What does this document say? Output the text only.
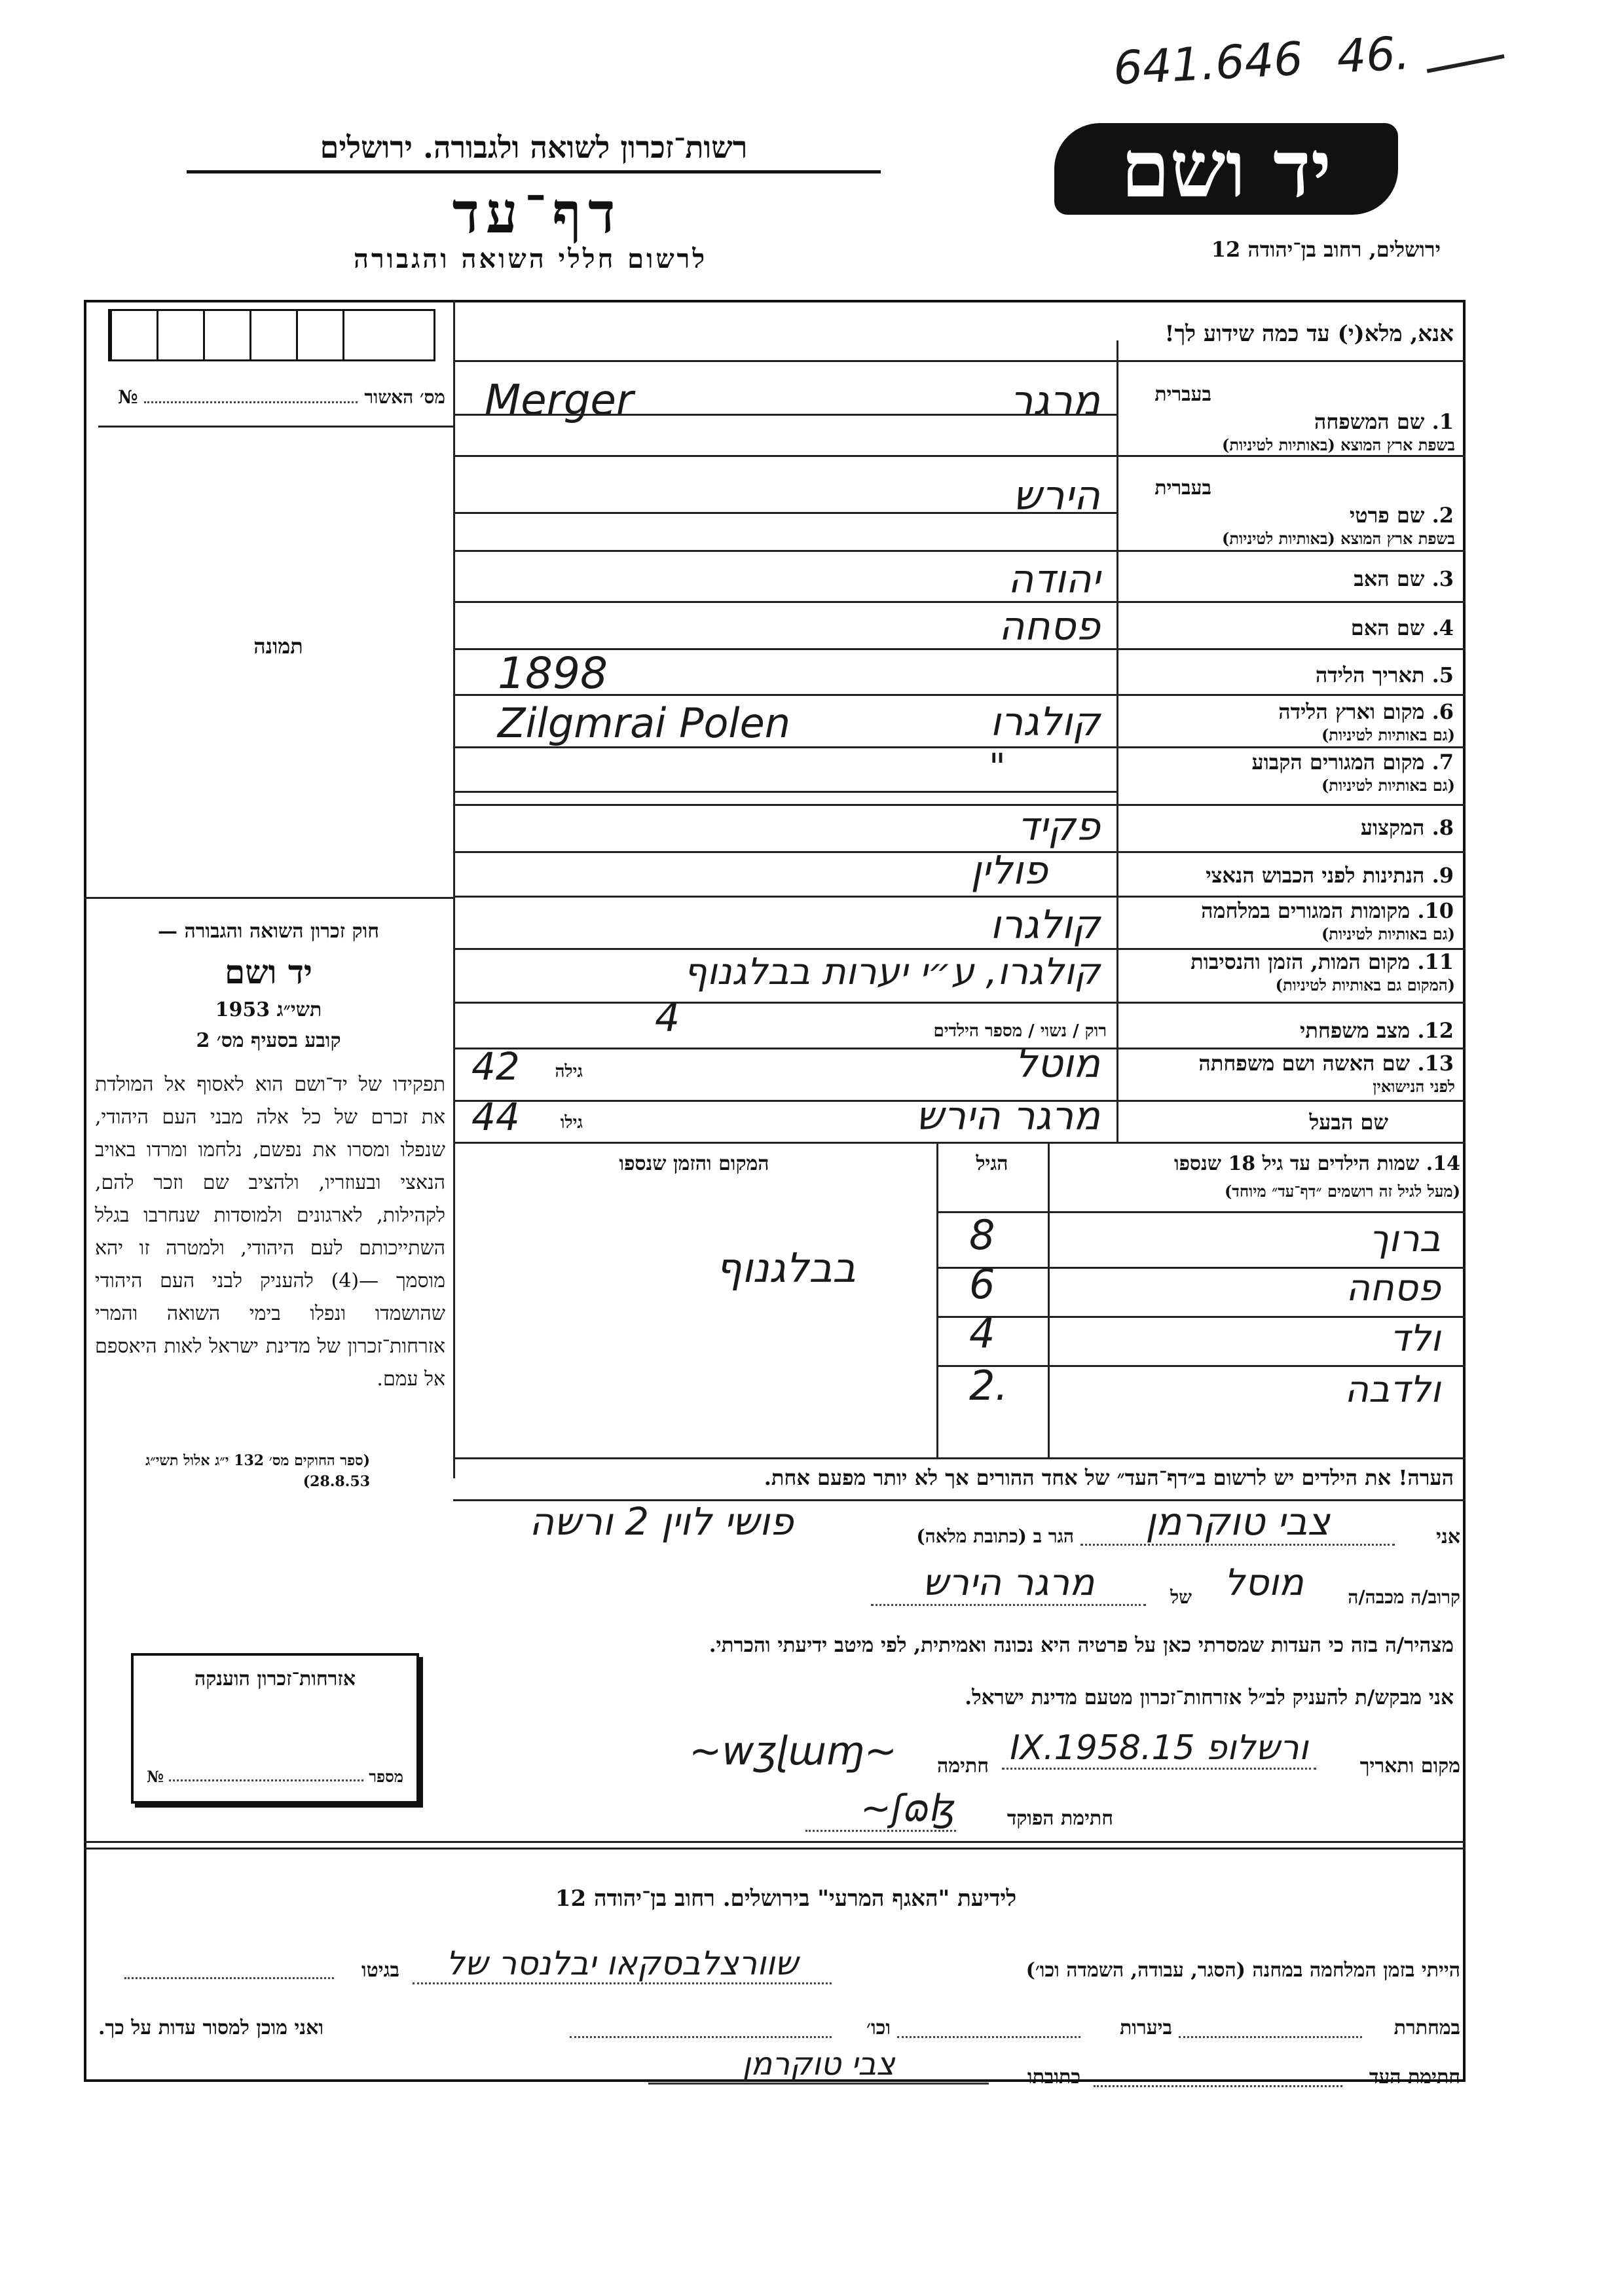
641.646 46.
יד ושם
ירושלים, רחוב בן־יהודה 12
רשות־זכרון לשואה ולגבורה. ירושלים
דף־עד
לרשום חללי השואה והגבורה
מס׳ האשור
№
תמונה
אנא, מלא(י) עד כמה שידוע לך!
בעברית
1. שם המשפחה
בשפת ארץ המוצא (באותיות לטיניות)
מרגר
Merger
בעברית
2. שם פרטי
בשפת ארץ המוצא (באותיות לטיניות)
הירש
3. שם האב
יהודה
4. שם האם
פסחה
5. תאריך הלידה
1898
6. מקום וארץ הלידה
(גם באותיות לטיניות)
קולגרו
Zilgmrai Polen
7. מקום המגורים הקבוע
(גם באותיות לטיניות)
"
8. המקצוע
פקיד
9. הנתינות לפני הכבוש הנאצי
פולין
10. מקומות המגורים במלחמה
(גם באותיות לטיניות)
קולגרו
11. מקום המות, הזמן והנסיבות
(המקום גם באותיות לטיניות)
קולגרו, ע״י יערות בבלגנוף
12. מצב משפחתי
רוק / נשוי / מספר הילדים
4
13. שם האשה ושם משפחתה
לפני הנישואין
מוטל
גילה
42
שם הבעל
מרגר הירש
גילו
44
14. שמות הילדים עד גיל 18 שנספו
(מעל לגיל זה רושמים ״דף־עד״ מיוחד)
הגיל
המקום והזמן שנספו
ברוך
8
פסחה
6
ולד
4
ולדבה
2.
בבלגנוף
הערה! את הילדים יש לרשום ב״דף־העד״ של אחד ההורים אך לא יותר מפעם אחת.
חוק זכרון השואה והגבורה —
יד ושם
תשי״ג 1953
קובע בסעיף מס׳ 2
תפקידו של יד־ושם הוא לאסוף אל המולדת את זכרם של כל אלה מבני העם היהודי, שנפלו ומסרו את נפשם, נלחמו ומרדו באויב הנאצי ובעוזריו, ולהציב שם וזכר להם, לקהילות, לארגונים ולמוסדות שנחרבו בגלל השתייכותם לעם היהודי, ולמטרה זו יהא מוסמך —(4) להעניק לבני העם היהודי שהושמדו ונפלו בימי השואה והמרי אזרחות־זכרון של מדינת ישראל לאות היאספם אל עמם.
(ספר החוקים מס׳ 132 י״ג אלול תשי״ג 28.8.53)
אזרחות־זכרון הוענקה
№	מספר
אני
צבי טוקרמן
הגר ב (כתובת מלאה)
פושי לוין 2 ורשה
קרוב/ה מכבה/ה
מוסל
של
מרגר הירש
מצהיר/ה בזה כי העדות שמסרתי כאן על פרטיה היא נכונה ואמיתית, לפי מיטב ידיעתי והכרתי.
אני מבקש/ת להעניק לב״ל אזרחות־זכרון מטעם מדינת ישראל.
מקום ותאריך
ורשלופ 15.IX.1958
חתימה
~wʒɭɯɱ~
חתימת הפוקד
ʃɷɮ~
לידיעת "האגף המרעי" בירושלים. רחוב בן־יהודה 12
הייתי בזמן המלחמה במחנה (הסגר, עבודה, השמדה וכו׳)
שוורצלבסקאו יבלנסר של
בגיטו
במחתרת
ביערות
וכו׳
ואני מוכן למסור עדות על כך.
חתימת העד
כתובתו
צבי טוקרמן
